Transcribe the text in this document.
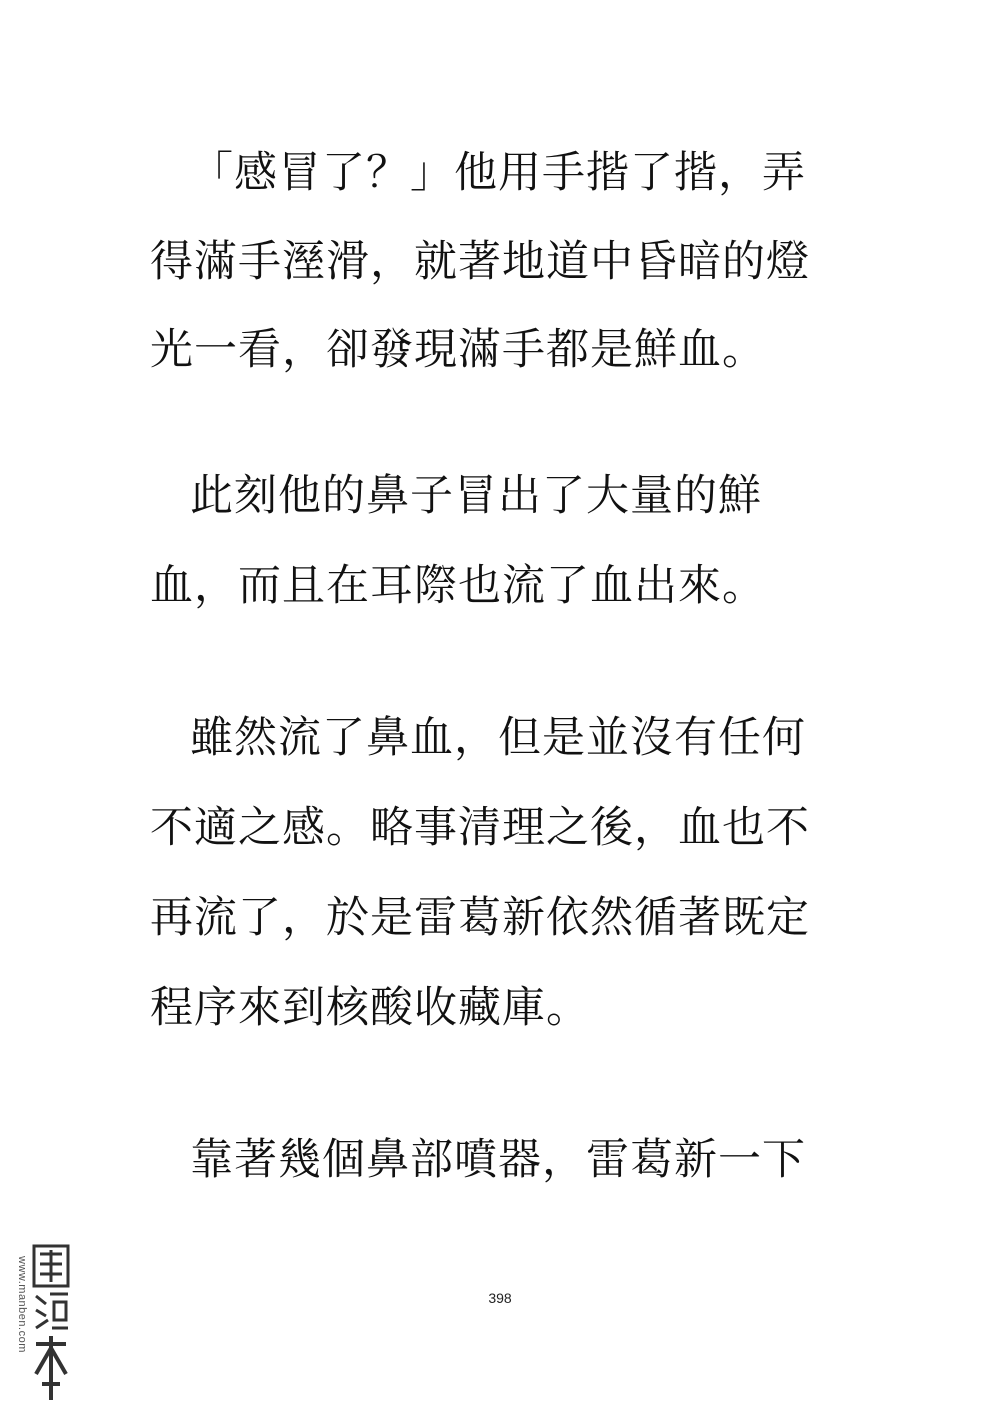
「感冒了？」他用手揩了揩，弄
得滿手溼滑，就著地道中昏暗的燈
光一看，卻發現滿手都是鮮血。
此刻他的鼻子冒出了大量的鮮
血，而且在耳際也流了血出來。
雖然流了鼻血，但是並沒有任何
不適之感。略事清理之後，血也不
再流了，於是雷葛新依然循著既定
程序來到核酸收藏庫。
靠著幾個鼻部噴器，雷葛新一下
398
www.manben.com
